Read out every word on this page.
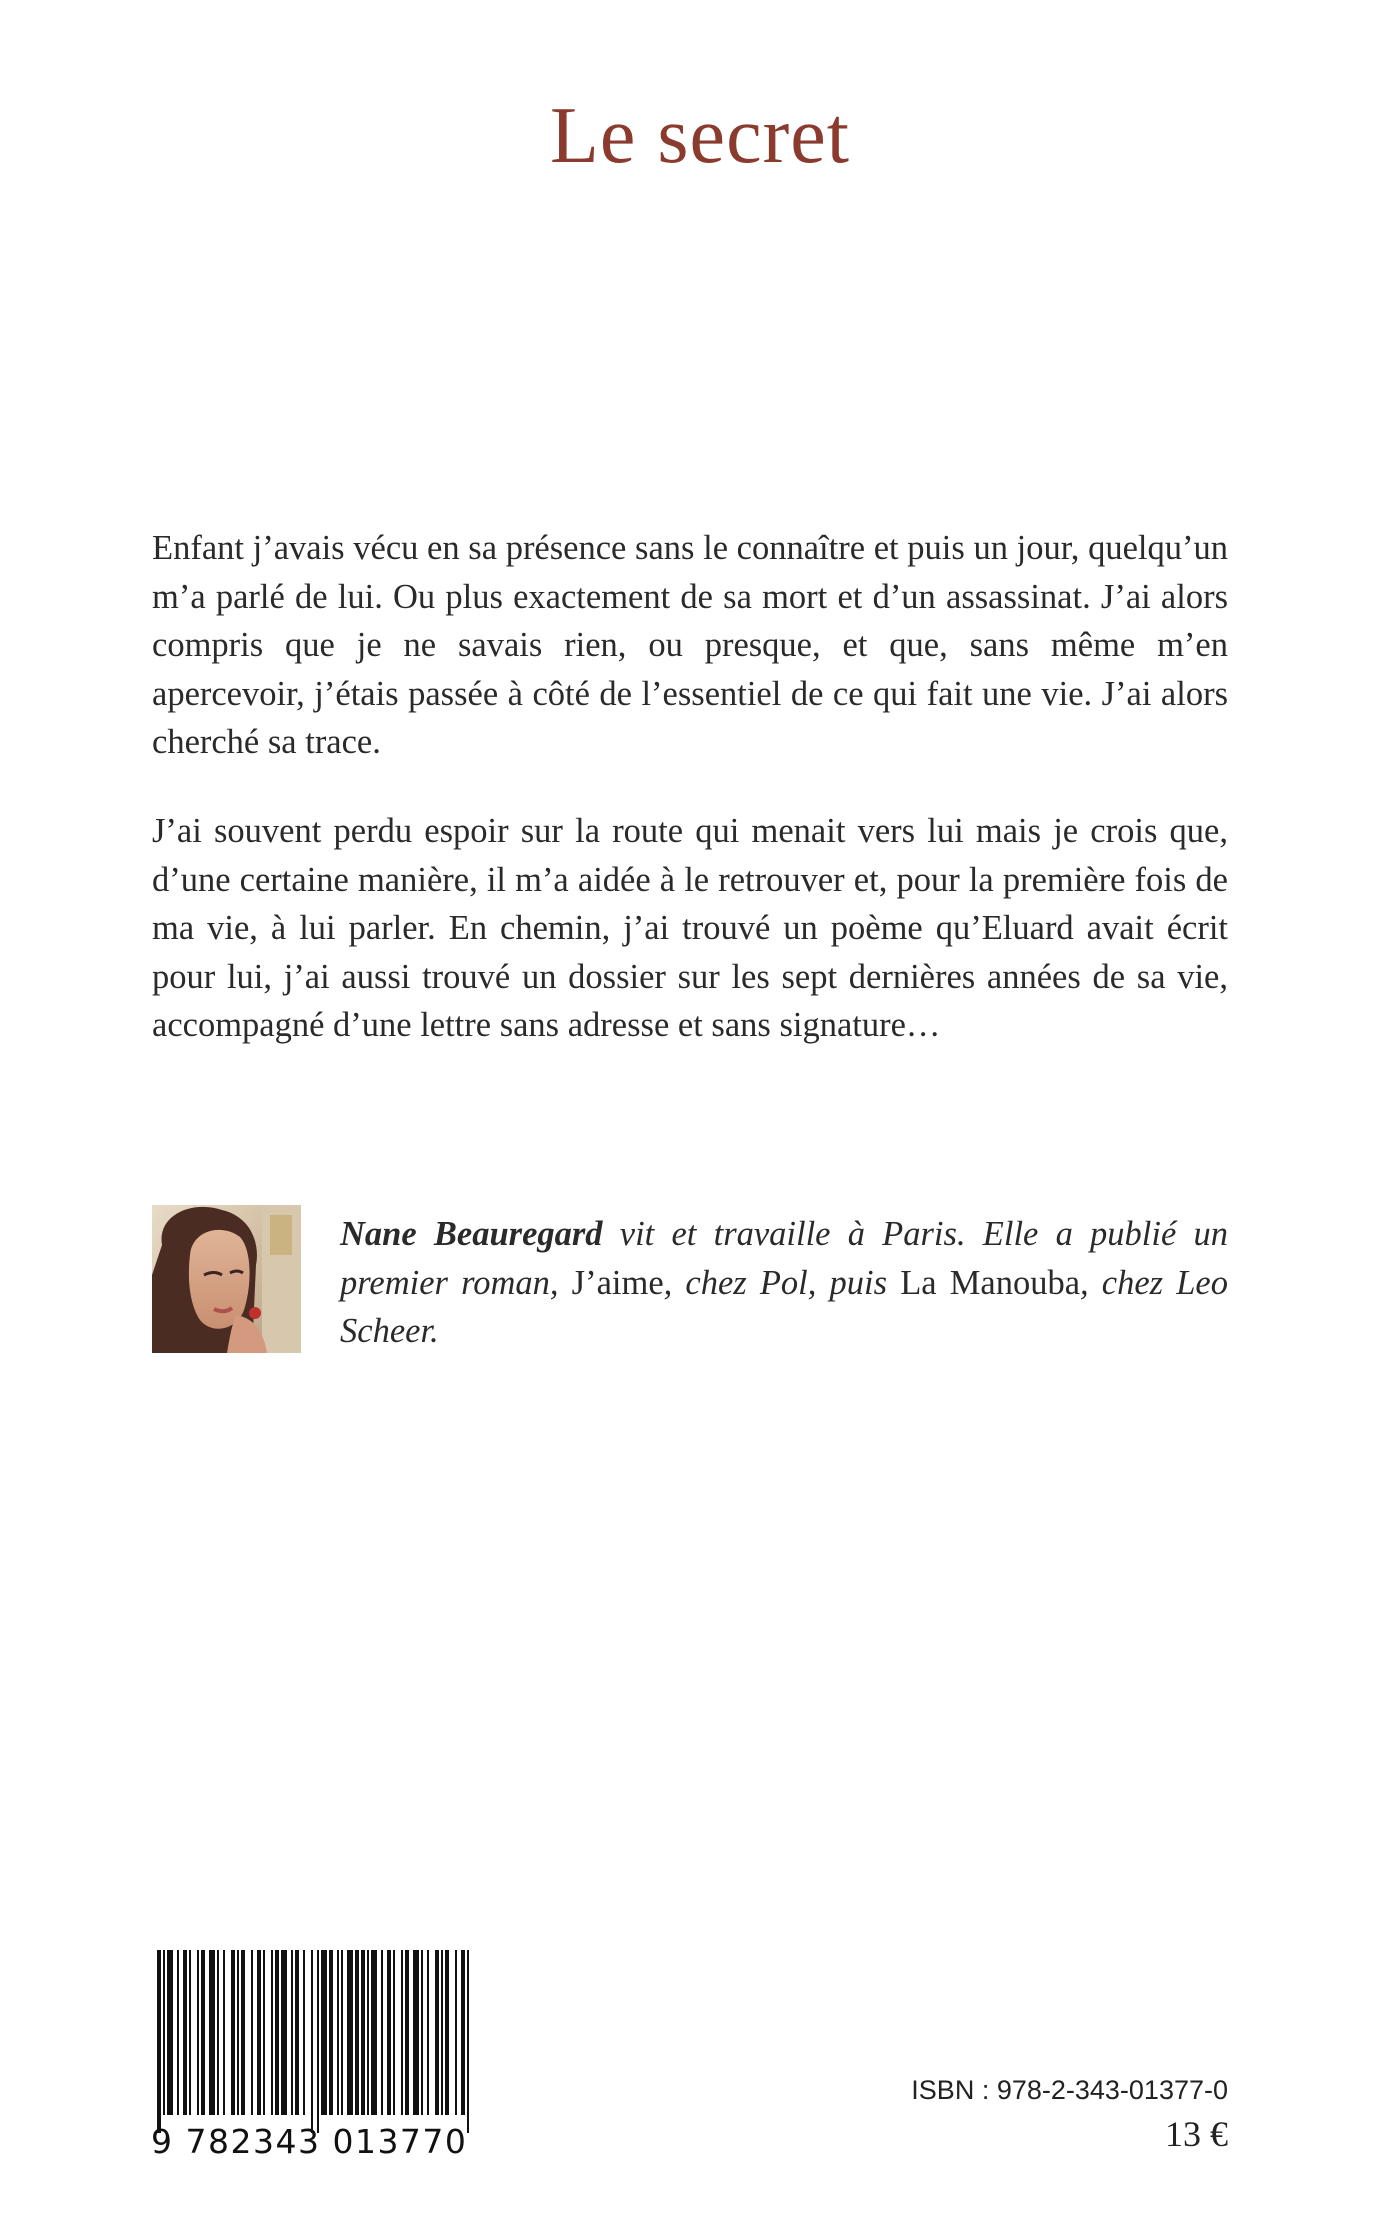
Le secret

Enfant j’avais vécu en sa présence sans le connaître et puis un jour, quelqu’un m’a parlé de lui. Ou plus exactement de sa mort et d’un assassinat. J’ai alors compris que je ne savais rien, ou presque, et que, sans même m’en apercevoir, j’étais passée à côté de l’essentiel de ce qui fait une vie. J’ai alors cherché sa trace.

J’ai souvent perdu espoir sur la route qui menait vers lui mais je crois que, d’une certaine manière, il m’a aidée à le retrouver et, pour la première fois de ma vie, à lui parler. En chemin, j’ai trouvé un poème qu’Eluard avait écrit pour lui, j’ai aussi trouvé un dossier sur les sept dernières années de sa vie, accompagné d’une lettre sans adresse et sans signature…

Nane Beauregard vit et travaille à Paris. Elle a publié un premier roman, J’aime, chez Pol, puis La Manouba, chez Leo Scheer.

9 782343 013770
ISBN : 978-2-343-01377-0
13 €
